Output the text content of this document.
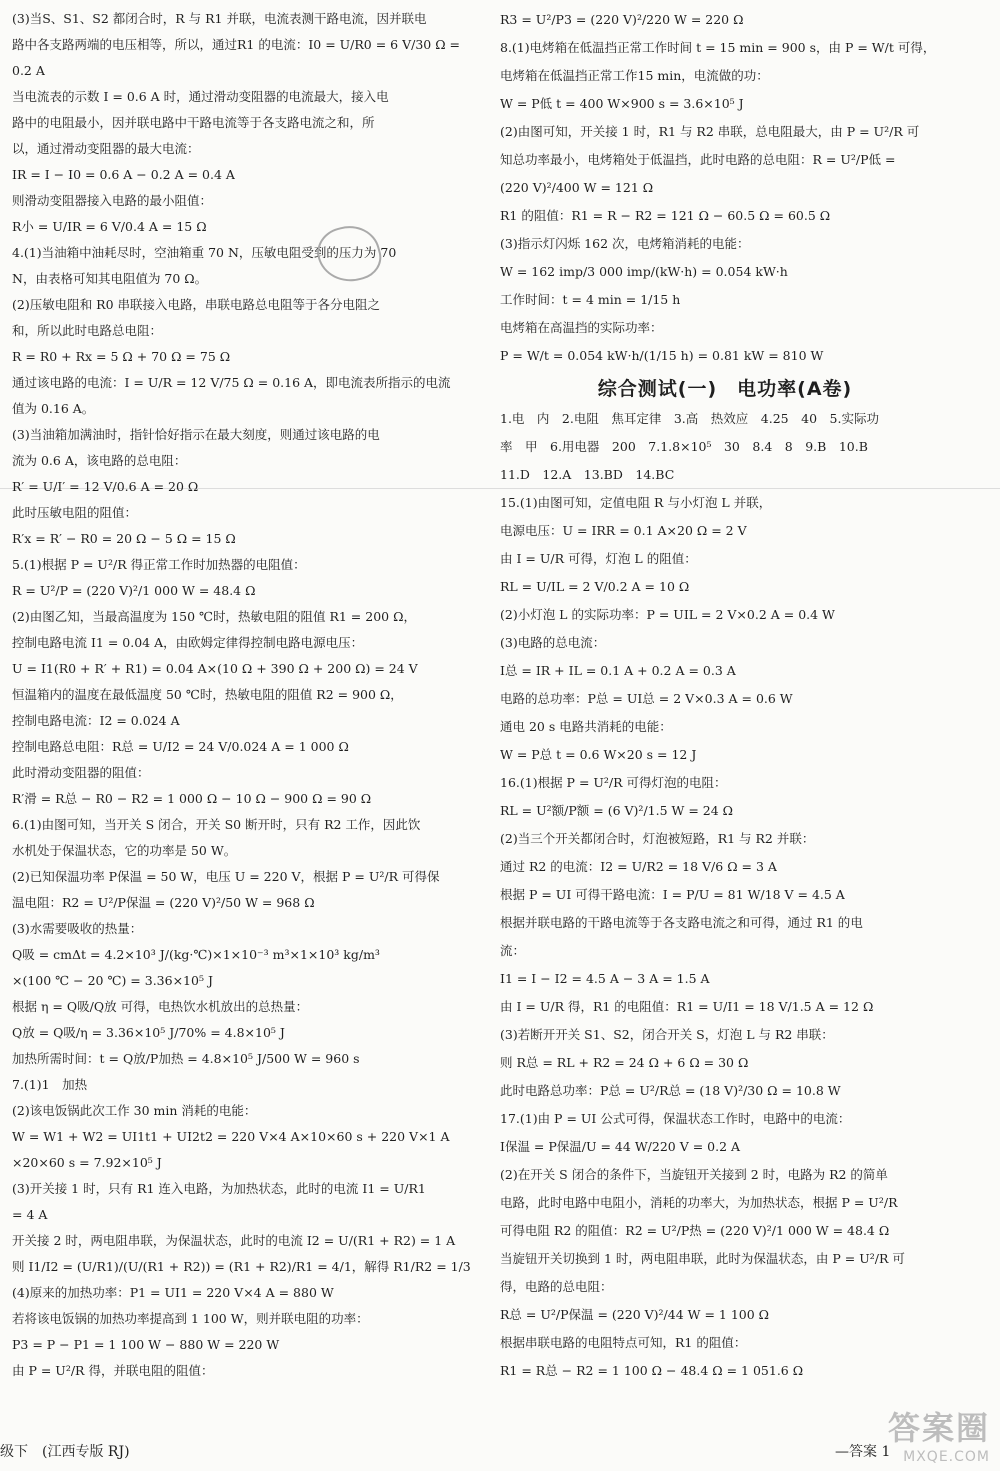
(3)当S、S1、S2 都闭合时，R 与 R1 并联，电流表测干路电流，因并联电
路中各支路两端的电压相等，所以，通过R1 的电流：I0 = U/R0 = 6 V/30 Ω =
0.2 A
当电流表的示数 I = 0.6 A 时，通过滑动变阻器的电流最大，接入电
路中的电阻最小，因并联电路中干路电流等于各支路电流之和，所
以，通过滑动变阻器的最大电流：
IR = I − I0 = 0.6 A − 0.2 A = 0.4 A
则滑动变阻器接入电路的最小阻值：
R小 = U/IR = 6 V/0.4 A = 15 Ω
4.(1)当油箱中油耗尽时，空油箱重 70 N，压敏电阻受到的压力为 70
N，由表格可知其电阻值为 70 Ω。
(2)压敏电阻和 R0 串联接入电路，串联电路总电阻等于各分电阻之
和，所以此时电路总电阻：
R = R0 + Rx = 5 Ω + 70 Ω = 75 Ω
通过该电路的电流：I = U/R = 12 V/75 Ω = 0.16 A，即电流表所指示的电流
值为 0.16 A。
(3)当油箱加满油时，指针恰好指示在最大刻度，则通过该电路的电
流为 0.6 A，该电路的总电阻：
R′ = U/I′ = 12 V/0.6 A = 20 Ω
此时压敏电阻的阻值：
R′x = R′ − R0 = 20 Ω − 5 Ω = 15 Ω
5.(1)根据 P = U²/R 得正常工作时加热器的电阻值：
R = U²/P = (220 V)²/1 000 W = 48.4 Ω
(2)由图乙知，当最高温度为 150 ℃时，热敏电阻的阻值 R1 = 200 Ω，
控制电路电流 I1 = 0.04 A，由欧姆定律得控制电路电源电压：
U = I1(R0 + R′ + R1) = 0.04 A×(10 Ω + 390 Ω + 200 Ω) = 24 V
恒温箱内的温度在最低温度 50 ℃时，热敏电阻的阻值 R2 = 900 Ω，
控制电路电流：I2 = 0.024 A
控制电路总电阻：R总 = U/I2 = 24 V/0.024 A = 1 000 Ω
此时滑动变阻器的阻值：
R′滑 = R总 − R0 − R2 = 1 000 Ω − 10 Ω − 900 Ω = 90 Ω
6.(1)由图可知，当开关 S 闭合，开关 S0 断开时，只有 R2 工作，因此饮
水机处于保温状态，它的功率是 50 W。
(2)已知保温功率 P保温 = 50 W，电压 U = 220 V，根据 P = U²/R 可得保
温电阻：R2 = U²/P保温 = (220 V)²/50 W = 968 Ω
(3)水需要吸收的热量：
Q吸 = cmΔt = 4.2×10³ J/(kg·℃)×1×10⁻³ m³×1×10³ kg/m³
×(100 ℃ − 20 ℃) = 3.36×10⁵ J
根据 η = Q吸/Q放 可得，电热饮水机放出的总热量：
Q放 = Q吸/η = 3.36×10⁵ J/70% = 4.8×10⁵ J
加热所需时间：t = Q放/P加热 = 4.8×10⁵ J/500 W = 960 s
7.(1)1　加热
(2)该电饭锅此次工作 30 min 消耗的电能：
W = W1 + W2 = UI1t1 + UI2t2 = 220 V×4 A×10×60 s + 220 V×1 A
×20×60 s = 7.92×10⁵ J
(3)开关接 1 时，只有 R1 连入电路，为加热状态，此时的电流 I1 = U/R1
= 4 A
开关接 2 时，两电阻串联，为保温状态，此时的电流 I2 = U/(R1 + R2) = 1 A
则 I1/I2 = (U/R1)/(U/(R1 + R2)) = (R1 + R2)/R1 = 4/1，解得 R1/R2 = 1/3
(4)原来的加热功率：P1 = UI1 = 220 V×4 A = 880 W
若将该电饭锅的加热功率提高到 1 100 W，则并联电阻的功率：
P3 = P − P1 = 1 100 W − 880 W = 220 W
由 P = U²/R 得，并联电阻的阻值：
R3 = U²/P3 = (220 V)²/220 W = 220 Ω
8.(1)电烤箱在低温挡正常工作时间 t = 15 min = 900 s，由 P = W/t 可得，
电烤箱在低温挡正常工作15 min，电流做的功：
W = P低 t = 400 W×900 s = 3.6×10⁵ J
(2)由图可知，开关接 1 时，R1 与 R2 串联，总电阻最大，由 P = U²/R 可
知总功率最小，电烤箱处于低温挡，此时电路的总电阻：R = U²/P低 =
(220 V)²/400 W = 121 Ω
R1 的阻值：R1 = R − R2 = 121 Ω − 60.5 Ω = 60.5 Ω
(3)指示灯闪烁 162 次，电烤箱消耗的电能：
W = 162 imp/3 000 imp/(kW·h) = 0.054 kW·h
工作时间：t = 4 min = 1/15 h
电烤箱在高温挡的实际功率：
P = W/t = 0.054 kW·h/(1/15 h) = 0.81 kW = 810 W
综合测试(一)　电功率(A卷)
1.电　内　2.电阻　焦耳定律　3.高　热效应　4.25　40　5.实际功
率　甲　6.用电器　200　7.1.8×10⁵　30　8.4　8　9.B　10.B
11.D　12.A　13.BD　14.BC
15.(1)由图可知，定值电阻 R 与小灯泡 L 并联，
电源电压：U = IRR = 0.1 A×20 Ω = 2 V
由 I = U/R 可得，灯泡 L 的阻值：
RL = U/IL = 2 V/0.2 A = 10 Ω
(2)小灯泡 L 的实际功率：P = UIL = 2 V×0.2 A = 0.4 W
(3)电路的总电流：
I总 = IR + IL = 0.1 A + 0.2 A = 0.3 A
电路的总功率：P总 = UI总 = 2 V×0.3 A = 0.6 W
通电 20 s 电路共消耗的电能：
W = P总 t = 0.6 W×20 s = 12 J
16.(1)根据 P = U²/R 可得灯泡的电阻：
RL = U²额/P额 = (6 V)²/1.5 W = 24 Ω
(2)当三个开关都闭合时，灯泡被短路，R1 与 R2 并联：
通过 R2 的电流：I2 = U/R2 = 18 V/6 Ω = 3 A
根据 P = UI 可得干路电流：I = P/U = 81 W/18 V = 4.5 A
根据并联电路的干路电流等于各支路电流之和可得，通过 R1 的电
流：
I1 = I − I2 = 4.5 A − 3 A = 1.5 A
由 I = U/R 得，R1 的电阻值：R1 = U/I1 = 18 V/1.5 A = 12 Ω
(3)若断开开关 S1、S2，闭合开关 S，灯泡 L 与 R2 串联：
则 R总 = RL + R2 = 24 Ω + 6 Ω = 30 Ω
此时电路总功率：P总 = U²/R总 = (18 V)²/30 Ω = 10.8 W
17.(1)由 P = UI 公式可得，保温状态工作时，电路中的电流：
I保温 = P保温/U = 44 W/220 V = 0.2 A
(2)在开关 S 闭合的条件下，当旋钮开关接到 2 时，电路为 R2 的简单
电路，此时电路中电阻小，消耗的功率大，为加热状态，根据 P = U²/R
可得电阻 R2 的阻值：R2 = U²/P热 = (220 V)²/1 000 W = 48.4 Ω
当旋钮开关切换到 1 时，两电阻串联，此时为保温状态，由 P = U²/R 可
得，电路的总电阻：
R总 = U²/P保温 = (220 V)²/44 W = 1 100 Ω
根据串联电路的电阻特点可知，R1 的阻值：
R1 = R总 − R2 = 1 100 Ω − 48.4 Ω = 1 051.6 Ω
级下　(江西专版 RJ)	—答案 1
答案圈
MXQE.COM
